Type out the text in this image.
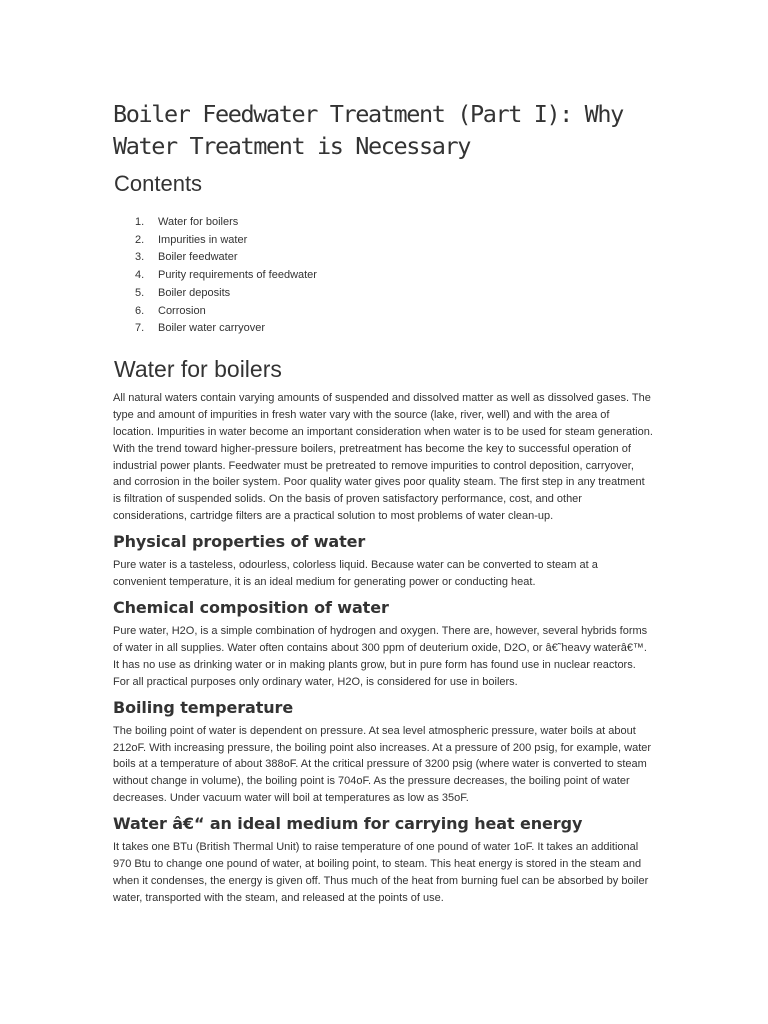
Boiler Feedwater Treatment (Part I): Why Water Treatment is Necessary
Contents
1.	Water for boilers
2.	Impurities in water
3.	Boiler feedwater
4.	Purity requirements of feedwater
5.	Boiler deposits
6.	Corrosion
7.	Boiler water carryover
Water for boilers

All natural waters contain varying amounts of suspended and dissolved matter as well as dissolved gases. The type and amount of impurities in fresh water vary with the source (lake, river, well) and with the area of location. Impurities in water become an important consideration when water is to be used for steam generation. With the trend toward higher-pressure boilers, pretreatment has become the key to successful operation of industrial power plants. Feedwater must be pretreated to remove impurities to control deposition, carryover, and corrosion in the boiler system. Poor quality water gives poor quality steam. The first step in any treatment is filtration of suspended solids. On the basis of proven satisfactory performance, cost, and other considerations, cartridge filters are a practical solution to most problems of water clean-up.

Physical properties of water

Pure water is a tasteless, odourless, colorless liquid. Because water can be converted to steam at a convenient temperature, it is an ideal medium for generating power or conducting heat.

Chemical composition of water

Pure water, H2O, is a simple combination of hydrogen and oxygen. There are, however, several hybrids forms of water in all supplies. Water often contains about 300 ppm of deuterium oxide, D2O, or â€˜heavy waterâ€™. It has no use as drinking water or in making plants grow, but in pure form has found use in nuclear reactors. For all practical purposes only ordinary water, H2O, is considered for use in boilers.

Boiling temperature

The boiling point of water is dependent on pressure. At sea level atmospheric pressure, water boils at about 212oF. With increasing pressure, the boiling point also increases. At a pressure of 200 psig, for example, water boils at a temperature of about 388oF. At the critical pressure of 3200 psig (where water is converted to steam without change in volume), the boiling point is 704oF. As the pressure decreases, the boiling point of water decreases. Under vacuum water will boil at temperatures as low as 35oF.

Water â€“ an ideal medium for carrying heat energy

It takes one BTu (British Thermal Unit) to raise temperature of one pound of water 1oF. It takes an additional 970 Btu to change one pound of water, at boiling point, to steam. This heat energy is stored in the steam and when it condenses, the energy is given off. Thus much of the heat from burning fuel can be absorbed by boiler water, transported with the steam, and released at the points of use.
